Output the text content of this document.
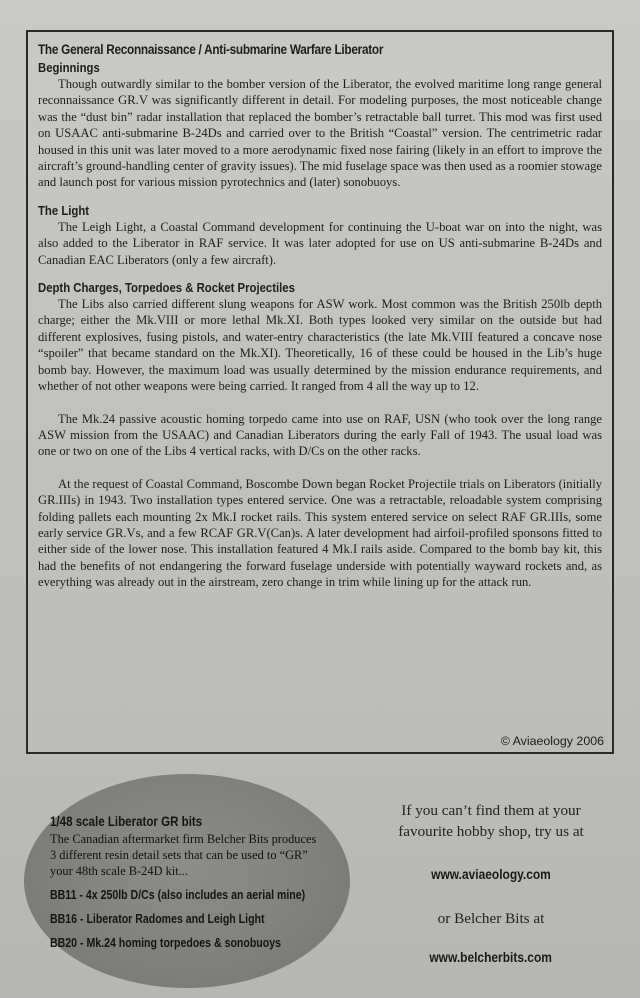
The General Reconnaissance / Anti-submarine Warfare Liberator
Beginnings

Though outwardly similar to the bomber version of the Liberator, the evolved maritime long range general reconnaissance GR.V was significantly different in detail. For modeling purposes, the most noticeable change was the “dust bin” radar installation that replaced the bomber’s retractable ball turret. This mod was first used on USAAC anti-submarine B-24Ds and carried over to the British “Coastal” version. The centrimetric radar housed in this unit was later moved to a more aerodynamic fixed nose fairing (likely in an effort to improve the aircraft’s ground-handling center of gravity issues). The mid fuselage space was then used as a roomier stowage and launch post for various mission pyrotechnics and (later) sonobuoys.

The Light

The Leigh Light, a Coastal Command development for continuing the U-boat war on into the night, was also added to the Liberator in RAF service. It was later adopted for use on US anti-submarine B-24Ds and Canadian EAC Liberators (only a few aircraft).

Depth Charges, Torpedoes & Rocket Projectiles

The Libs also carried different slung weapons for ASW work. Most common was the British 250lb depth charge; either the Mk.VIII or more lethal Mk.XI. Both types looked very similar on the outside but had different explosives, fusing pistols, and water-entry characteristics (the late Mk.VIII featured a concave nose “spoiler” that became standard on the Mk.XI). Theoretically, 16 of these could be housed in the Lib’s huge bomb bay. However, the maximum load was usually determined by the mission endurance requirements, and whether of not other weapons were being carried. It ranged from 4 all the way up to 12.

The Mk.24 passive acoustic homing torpedo came into use on RAF, USN (who took over the long range ASW mission from the USAAC) and Canadian Liberators during the early Fall of 1943. The usual load was one or two on one of the Libs 4 vertical racks, with D/Cs on the other racks.

At the request of Coastal Command, Boscombe Down began Rocket Projectile trials on Liberators (initially GR.IIIs) in 1943. Two installation types entered service. One was a retractable, reloadable system comprising folding pallets each mounting 2x Mk.I rocket rails. This system entered service on select RAF GR.IIIs, some early service GR.Vs, and a few RCAF GR.V(Can)s. A later development had airfoil-profiled sponsons fitted to either side of the lower nose. This installation featured 4 Mk.I rails aside. Compared to the bomb bay kit, this had the benefits of not endangering the forward fuselage underside with potentially wayward rockets and, as everything was already out in the airstream, zero change in trim while lining up for the attack run.

© Aviaeology 2006
1/48 scale Liberator GR bits
The Canadian aftermarket firm Belcher Bits produces 3 different resin detail sets that can be used to “GR” your 48th scale B-24D kit...
BB11 - 4x 250lb D/Cs (also includes an aerial mine)
BB16 - Liberator Radomes and Leigh Light
BB20 - Mk.24 homing torpedoes & sonobuoys
If you can’t find them at your
favourite hobby shop, try us at
www.aviaeology.com
or Belcher Bits at
www.belcherbits.com
